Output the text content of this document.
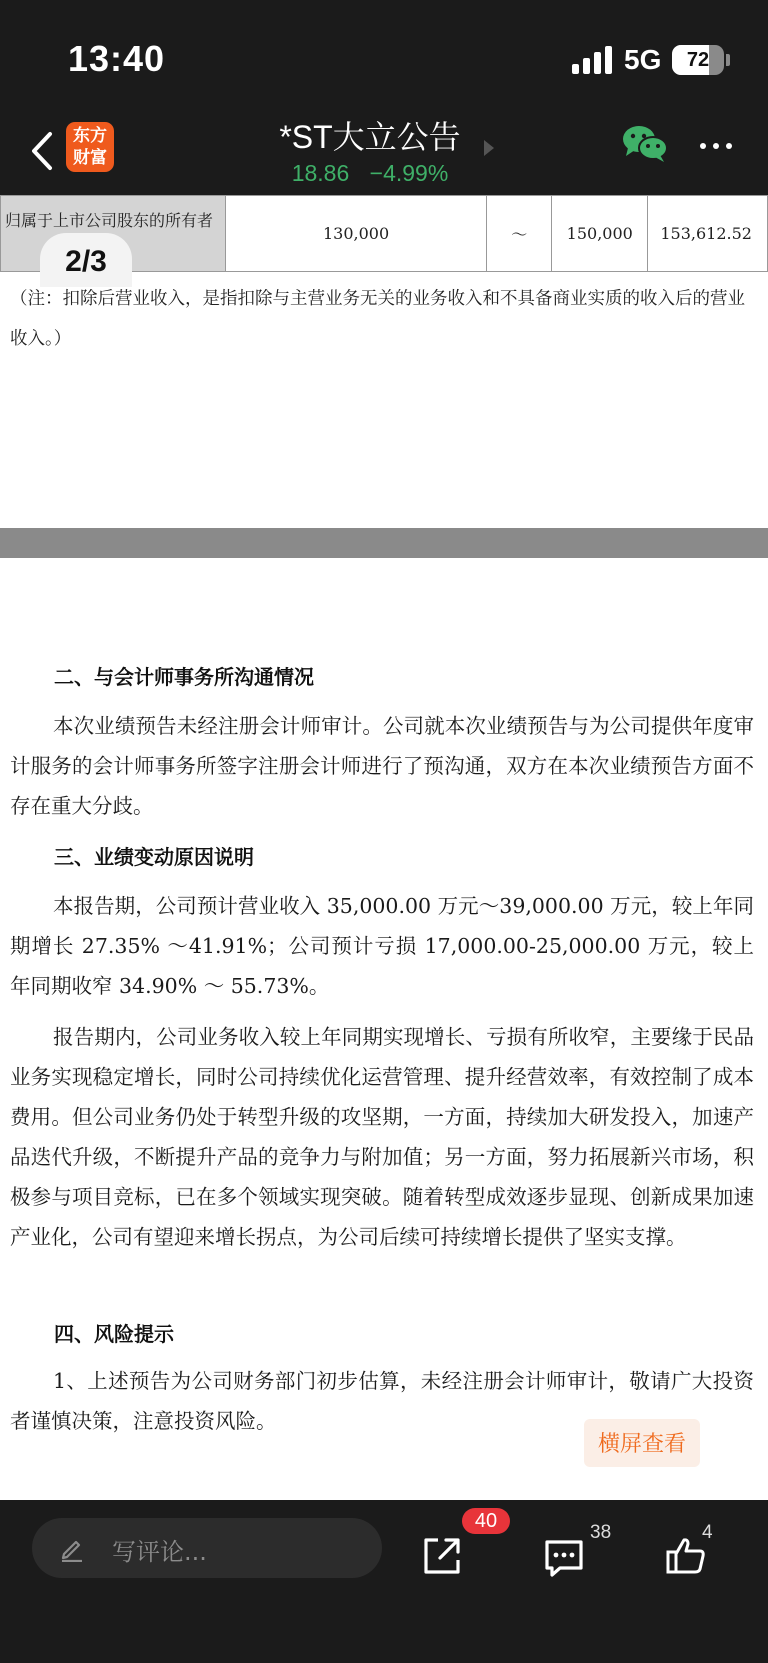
13:40	5G	72
东方
财富
*ST大立公告
18.86 −4.99%
归属于上市公司股东的所有者	130,000	～	150,000	153,612.52
2/3
（注：扣除后营业收入，是指扣除与主营业务无关的业务收入和不具备商业实质的收入后的营业收入。）
二、与会计师事务所沟通情况
本次业绩预告未经注册会计师审计。公司就本次业绩预告与为公司提供年度审计服务的会计师事务所签字注册会计师进行了预沟通，双方在本次业绩预告方面不存在重大分歧。
三、业绩变动原因说明
本报告期，公司预计营业收入 35,000.00 万元～39,000.00 万元，较上年同期增长 27.35% ～41.91%；公司预计亏损 17,000.00-25,000.00 万元，较上年同期收窄 34.90% ～ 55.73%。
报告期内，公司业务收入较上年同期实现增长、亏损有所收窄，主要缘于民品业务实现稳定增长，同时公司持续优化运营管理、提升经营效率，有效控制了成本费用。但公司业务仍处于转型升级的攻坚期，一方面，持续加大研发投入，加速产品迭代升级，不断提升产品的竞争力与附加值；另一方面，努力拓展新兴市场，积极参与项目竞标，已在多个领域实现突破。随着转型成效逐步显现、创新成果加速产业化，公司有望迎来增长拐点，为公司后续可持续增长提供了坚实支撑。
四、风险提示
1、上述预告为公司财务部门初步估算，未经注册会计师审计，敬请广大投资者谨慎决策，注意投资风险。
横屏查看
写评论...
40
38	4
